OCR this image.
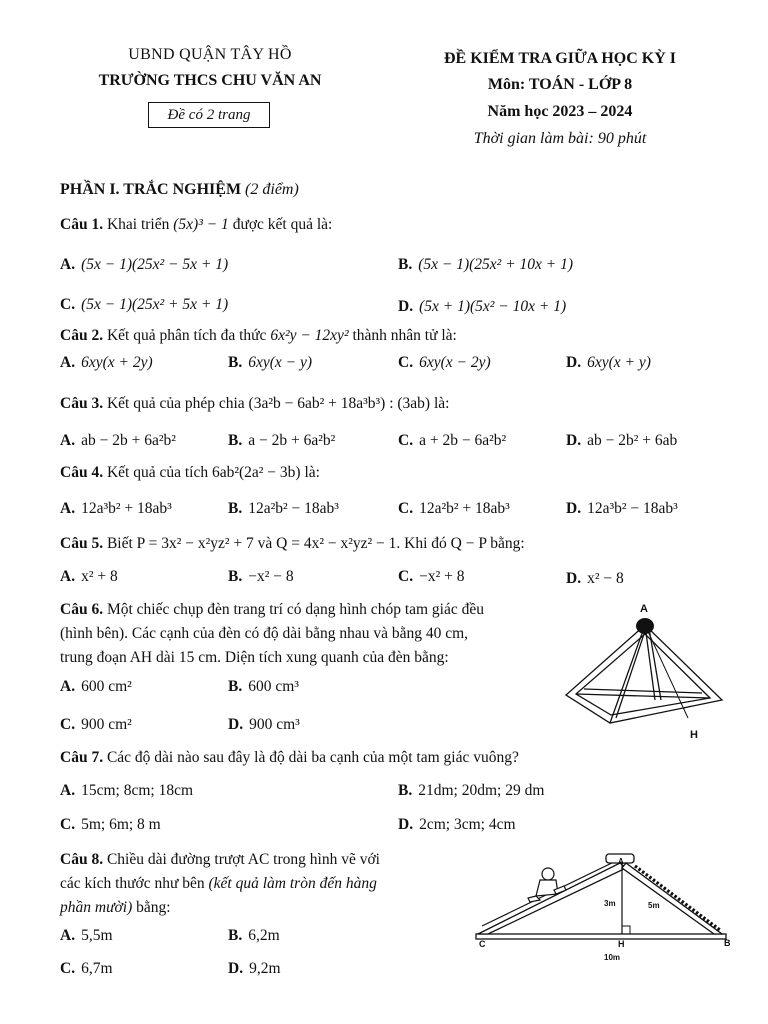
UBND QUẬN TÂY HỒ
TRƯỜNG THCS CHU VĂN AN
Đề có 2 trang
ĐỀ KIỂM TRA GIỮA HỌC KỲ I
Môn: TOÁN - LỚP 8
Năm học 2023 – 2024
Thời gian làm bài: 90 phút
PHẦN I. TRẮC NGHIỆM (2 điểm)
Câu 1. Khai triển (5x)³ − 1 được kết quả là:
A. (5x − 1)(25x² − 5x + 1)	B. (5x − 1)(25x² + 10x + 1)
C. (5x − 1)(25x² + 5x + 1)	D. (5x + 1)(5x² − 10x + 1)
Câu 2. Kết quả phân tích đa thức 6x²y − 12xy² thành nhân tử là:
A. 6xy(x + 2y)	B. 6xy(x − y)	C. 6xy(x − 2y)	D. 6xy(x + y)
Câu 3. Kết quả của phép chia (3a²b − 6ab² + 18a³b³) : (3ab) là:
A. ab − 2b + 6a²b²	B. a − 2b + 6a²b²	C. a + 2b − 6a²b²	D. ab − 2b² + 6ab
Câu 4. Kết quả của tích 6ab²(2a² − 3b) là:
A. 12a³b² + 18ab³	B. 12a²b² − 18ab³	C. 12a²b² + 18ab³	D. 12a³b² − 18ab³
Câu 5. Biết P = 3x² − x²yz² + 7 và Q = 4x² − x²yz² − 1. Khi đó Q − P bằng:
A. x² + 8	B. −x² − 8	C. −x² + 8	D. x² − 8
Câu 6. Một chiếc chụp đèn trang trí có dạng hình chóp tam giác đều
(hình bên). Các cạnh của đèn có độ dài bằng nhau và bằng 40 cm,
trung đoạn AH dài 15 cm. Diện tích xung quanh của đèn bằng:
A. 600 cm²	B. 600 cm³
C. 900 cm²	D. 900 cm³
A
H
Câu 7. Các độ dài nào sau đây là độ dài ba cạnh của một tam giác vuông?
A. 15cm; 8cm; 18cm	B. 21dm; 20dm; 29 dm
C. 5m; 6m; 8 m	D. 2cm; 3cm; 4cm
Câu 8. Chiều dài đường trượt AC trong hình vẽ với
các kích thước như bên (kết quả làm tròn đến hàng
phần mười) bằng:
A. 5,5m	B. 6,2m
C. 6,7m	D. 9,2m
C	H	B
A
3m	5m
10m
